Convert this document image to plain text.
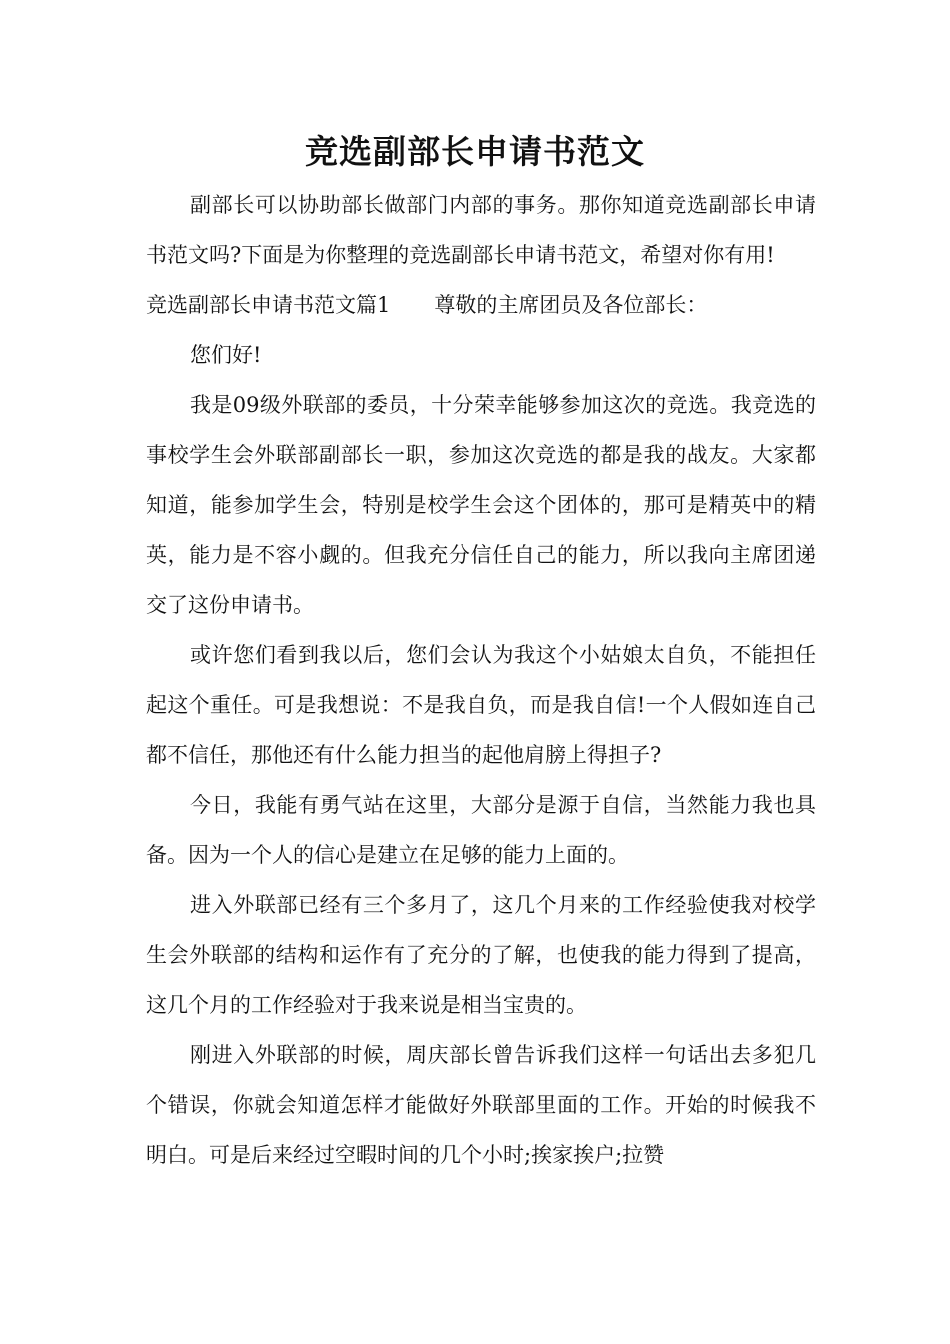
竞选副部长申请书范文

副部长可以协助部长做部门内部的事务。那你知道竞选副部长申请书范文吗?下面是为你整理的竞选副部长申请书范文，希望对你有用!

竞选副部长申请书范文篇1 尊敬的主席团员及各位部长：

您们好!

我是09级外联部的委员，十分荣幸能够参加这次的竞选。我竞选的事校学生会外联部副部长一职，参加这次竞选的都是我的战友。大家都知道，能参加学生会，特别是校学生会这个团体的，那可是精英中的精英，能力是不容小觑的。但我充分信任自己的能力，所以我向主席团递交了这份申请书。

或许您们看到我以后，您们会认为我这个小姑娘太自负，不能担任起这个重任。可是我想说：不是我自负，而是我自信!一个人假如连自己都不信任，那他还有什么能力担当的起他肩膀上得担子?

今日，我能有勇气站在这里，大部分是源于自信，当然能力我也具备。因为一个人的信心是建立在足够的能力上面的。

进入外联部已经有三个多月了，这几个月来的工作经验使我对校学生会外联部的结构和运作有了充分的了解，也使我的能力得到了提高，这几个月的工作经验对于我来说是相当宝贵的。

刚进入外联部的时候，周庆部长曾告诉我们这样一句话出去多犯几个错误，你就会知道怎样才能做好外联部里面的工作。开始的时候我不明白。可是后来经过空暇时间的几个小时;挨家挨户;拉赞
